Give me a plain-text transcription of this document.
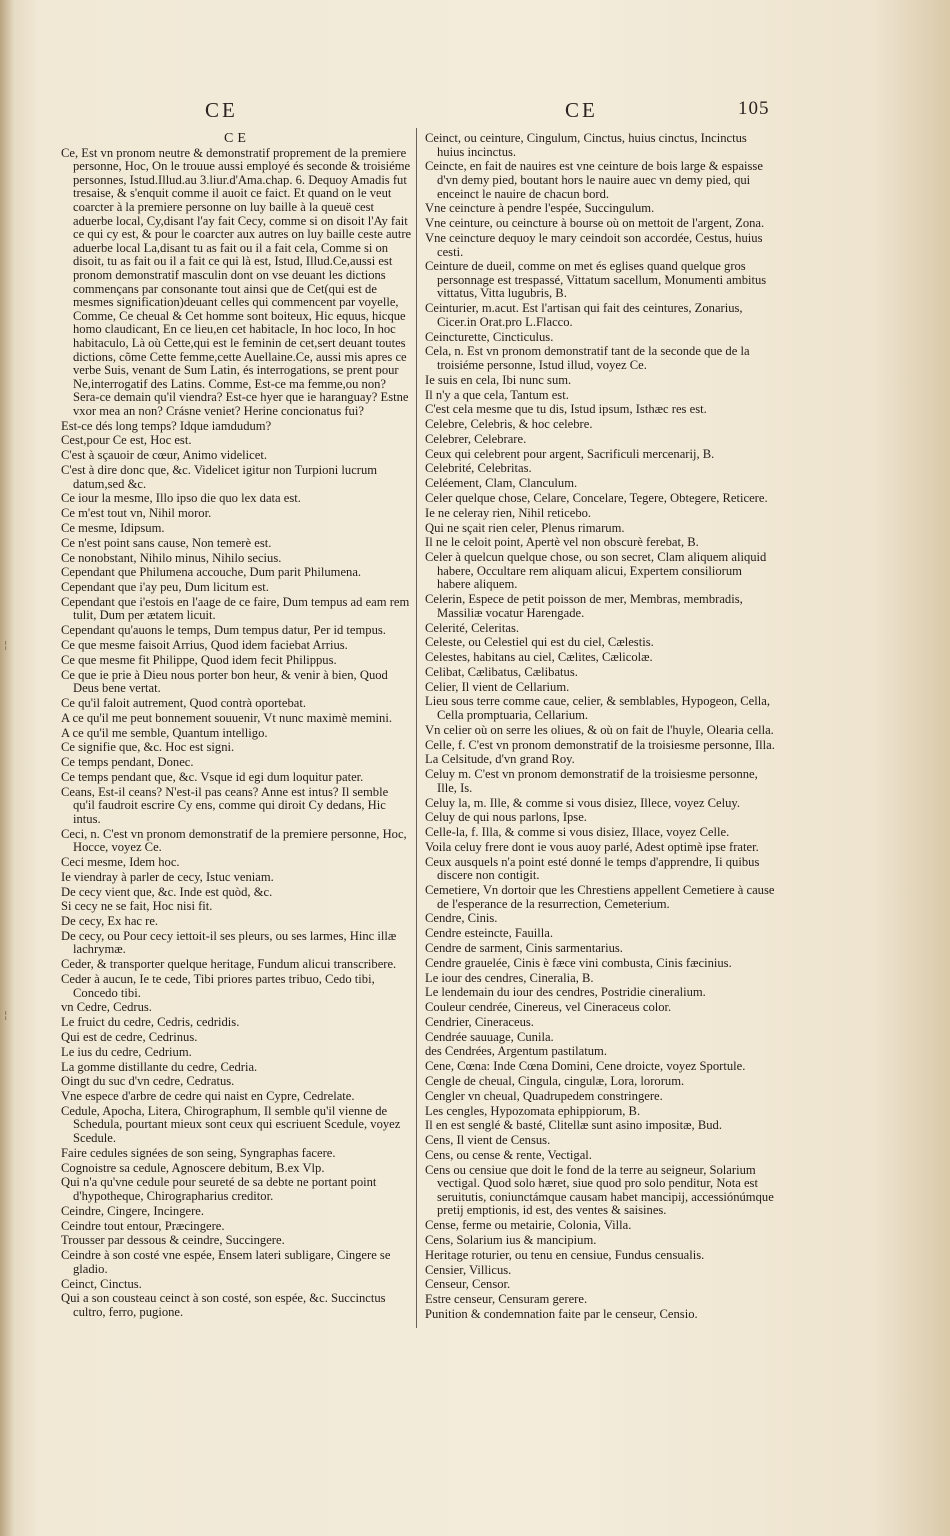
¦
¦
CE	CE	105
CE
Ce, Est vn pronom neutre & demonstratif proprement de la premiere personne, Hoc, On le trouue aussi employé és seconde & troisiéme personnes, Istud.Illud.au 3.liur.d'Ama.chap. 6. Dequoy Amadis fut tresaise, & s'enquit comme il auoit ce faict. Et quand on le veut coarcter à la premiere personne on luy baille à la queuë cest aduerbe local, Cy,disant l'ay fait Cecy, comme si on disoit l'Ay fait ce qui cy est, & pour le coarcter aux autres on luy baille ceste autre aduerbe local La,disant tu as fait ou il a fait cela, Comme si on disoit, tu as fait ou il a fait ce qui là est, Istud, Illud.Ce,aussi est pronom demonstratif masculin dont on vse deuant les dictions commençans par consonante tout ainsi que de Cet(qui est de mesmes signification)deuant celles qui commencent par voyelle, Comme, Ce cheual & Cet homme sont boiteux, Hic equus, hicque homo claudicant, En ce lieu,en cet habitacle, In hoc loco, In hoc habitaculo, Là où Cette,qui est le feminin de cet,sert deuant toutes dictions, cõme Cette femme,cette Auellaine.Ce, aussi mis apres ce verbe Suis, venant de Sum Latin, és interrogations, se prent pour Ne,interrogatif des Latins. Comme, Est-ce ma femme,ou non? Sera-ce demain qu'il viendra? Est-ce hyer que ie haranguay? Estne vxor mea an non? Crásne veniet? Herine concionatus fui?
Est-ce dés long temps? Idque iamdudum?
Cest,pour Ce est, Hoc est.
C'est à sçauoir de cœur, Animo videlicet.
C'est à dire donc que, &c. Videlicet igitur non Turpioni lucrum datum,sed &c.
Ce iour la mesme, Illo ipso die quo lex data est.
Ce m'est tout vn, Nihil moror.
Ce mesme, Idipsum.
Ce n'est point sans cause, Non temerè est.
Ce nonobstant, Nihilo minus, Nihilo secius.
Cependant que Philumena accouche, Dum parit Philumena.
Cependant que i'ay peu, Dum licitum est.
Cependant que i'estois en l'aage de ce faire, Dum tempus ad eam rem tulit, Dum per ætatem licuit.
Cependant qu'auons le temps, Dum tempus datur, Per id tempus.
Ce que mesme faisoit Arrius, Quod idem faciebat Arrius.
Ce que mesme fit Philippe, Quod idem fecit Philippus.
Ce que ie prie à Dieu nous porter bon heur, & venir à bien, Quod Deus bene vertat.
Ce qu'il faloit autrement, Quod contrà oportebat.
A ce qu'il me peut bonnement souuenir, Vt nunc maximè memini.
A ce qu'il me semble, Quantum intelligo.
Ce signifie que, &c. Hoc est signi.
Ce temps pendant, Donec.
Ce temps pendant que, &c. Vsque id egi dum loquitur pater.
Ceans, Est-il ceans? N'est-il pas ceans? Anne est intus? Il semble qu'il faudroit escrire Cy ens, comme qui diroit Cy dedans, Hic intus.
Ceci, n. C'est vn pronom demonstratif de la premiere personne, Hoc, Hocce, voyez Ce.
Ceci mesme, Idem hoc.
Ie viendray à parler de cecy, Istuc veniam.
De cecy vient que, &c. Inde est quòd, &c.
Si cecy ne se fait, Hoc nisi fit.
De cecy, Ex hac re.
De cecy, ou Pour cecy iettoit-il ses pleurs, ou ses larmes, Hinc illæ lachrymæ.
Ceder, & transporter quelque heritage, Fundum alicui transcribere.
Ceder à aucun, Ie te cede, Tibi priores partes tribuo, Cedo tibi, Concedo tibi.
vn Cedre, Cedrus.
Le fruict du cedre, Cedris, cedridis.
Qui est de cedre, Cedrinus.
Le ius du cedre, Cedrium.
La gomme distillante du cedre, Cedria.
Oingt du suc d'vn cedre, Cedratus.
Vne espece d'arbre de cedre qui naist en Cypre, Cedrelate.
Cedule, Apocha, Litera, Chirographum, Il semble qu'il vienne de Schedula, pourtant mieux sont ceux qui escriuent Scedule, voyez Scedule.
Faire cedules signées de son seing, Syngraphas facere.
Cognoistre sa cedule, Agnoscere debitum, B.ex Vlp.
Qui n'a qu'vne cedule pour seureté de sa debte ne portant point d'hypotheque, Chirographarius creditor.
Ceindre, Cingere, Incingere.
Ceindre tout entour, Præcingere.
Trousser par dessous & ceindre, Succingere.
Ceindre à son costé vne espée, Ensem lateri subligare, Cingere se gladio.
Ceinct, Cinctus.
Qui a son cousteau ceinct à son costé, son espée, &c. Succinctus cultro, ferro, pugione.
Ceinct, ou ceinture, Cingulum, Cinctus, huius cinctus, Incinctus huius incinctus.
Ceincte, en fait de nauires est vne ceinture de bois large & espaisse d'vn demy pied, boutant hors le nauire auec vn demy pied, qui enceinct le nauire de chacun bord.
Vne ceincture à pendre l'espée, Succingulum.
Vne ceinture, ou ceincture à bourse où on mettoit de l'argent, Zona.
Vne ceincture dequoy le mary ceindoit son accordée, Cestus, huius cesti.
Ceinture de dueil, comme on met és eglises quand quelque gros personnage est trespassé, Vittatum sacellum, Monumenti ambitus vittatus, Vitta lugubris, B.
Ceinturier, m.acut. Est l'artisan qui fait des ceintures, Zonarius, Cicer.in Orat.pro L.Flacco.
Ceincturette, Cincticulus.
Cela, n. Est vn pronom demonstratif tant de la seconde que de la troisiéme personne, Istud illud, voyez Ce.
Ie suis en cela, Ibi nunc sum.
Il n'y a que cela, Tantum est.
C'est cela mesme que tu dis, Istud ipsum, Isthæc res est.
Celebre, Celebris, & hoc celebre.
Celebrer, Celebrare.
Ceux qui celebrent pour argent, Sacrificuli mercenarij, B.
Celebrité, Celebritas.
Celéement, Clam, Clanculum.
Celer quelque chose, Celare, Concelare, Tegere, Obtegere, Reticere.
Ie ne celeray rien, Nihil reticebo.
Qui ne sçait rien celer, Plenus rimarum.
Il ne le celoit point, Apertè vel non obscurè ferebat, B.
Celer à quelcun quelque chose, ou son secret, Clam aliquem aliquid habere, Occultare rem aliquam alicui, Expertem consiliorum habere aliquem.
Celerin, Espece de petit poisson de mer, Membras, membradis, Massiliæ vocatur Harengade.
Celerité, Celeritas.
Celeste, ou Celestiel qui est du ciel, Cælestis.
Celestes, habitans au ciel, Cælites, Cælicolæ.
Celibat, Cælibatus, Cælibatus.
Celier, Il vient de Cellarium.
Lieu sous terre comme caue, celier, & semblables, Hypogeon, Cella, Cella promptuaria, Cellarium.
Vn celier où on serre les oliues, & où on fait de l'huyle, Olearia cella.
Celle, f. C'est vn pronom demonstratif de la troisiesme personne, Illa.
La Celsitude, d'vn grand Roy.
Celuy m. C'est vn pronom demonstratif de la troisiesme personne, Ille, Is.
Celuy la, m. Ille, & comme si vous disiez, Illece, voyez Celuy.
Celuy de qui nous parlons, Ipse.
Celle-la, f. Illa, & comme si vous disiez, Illace, voyez Celle.
Voila celuy frere dont ie vous auoy parlé, Adest optimè ipse frater.
Ceux ausquels n'a point esté donné le temps d'apprendre, Ii quibus discere non contigit.
Cemetiere, Vn dortoir que les Chrestiens appellent Cemetiere à cause de l'esperance de la resurrection, Cemeterium.
Cendre, Cinis.
Cendre esteincte, Fauilla.
Cendre de sarment, Cinis sarmentarius.
Cendre grauelée, Cinis è fæce vini combusta, Cinis fæcinius.
Le iour des cendres, Cineralia, B.
Le lendemain du iour des cendres, Postridie cineralium.
Couleur cendrée, Cinereus, vel Cineraceus color.
Cendrier, Cineraceus.
Cendrée sauuage, Cunila.
des Cendrées, Argentum pastilatum.
Cene, Cœna: Inde Cœna Domini, Cene droicte, voyez Sportule.
Cengle de cheual, Cingula, cingulæ, Lora, lororum.
Cengler vn cheual, Quadrupedem constringere.
Les cengles, Hypozomata ephippiorum, B.
Il en est senglé & basté, Clitellæ sunt asino impositæ, Bud.
Cens, Il vient de Census.
Cens, ou cense & rente, Vectigal.
Cens ou censiue que doit le fond de la terre au seigneur, Solarium vectigal. Quod solo hæret, siue quod pro solo penditur, Nota est seruitutis, coniunctámque causam habet mancipij, accessiónúmque pretij emptionis, id est, des ventes & saisines.
Cense, ferme ou metairie, Colonia, Villa.
Cens, Solarium ius & mancipium.
Heritage roturier, ou tenu en censiue, Fundus censualis.
Censier, Villicus.
Censeur, Censor.
Estre censeur, Censuram gerere.
Punition & condemnation faite par le censeur, Censio.
